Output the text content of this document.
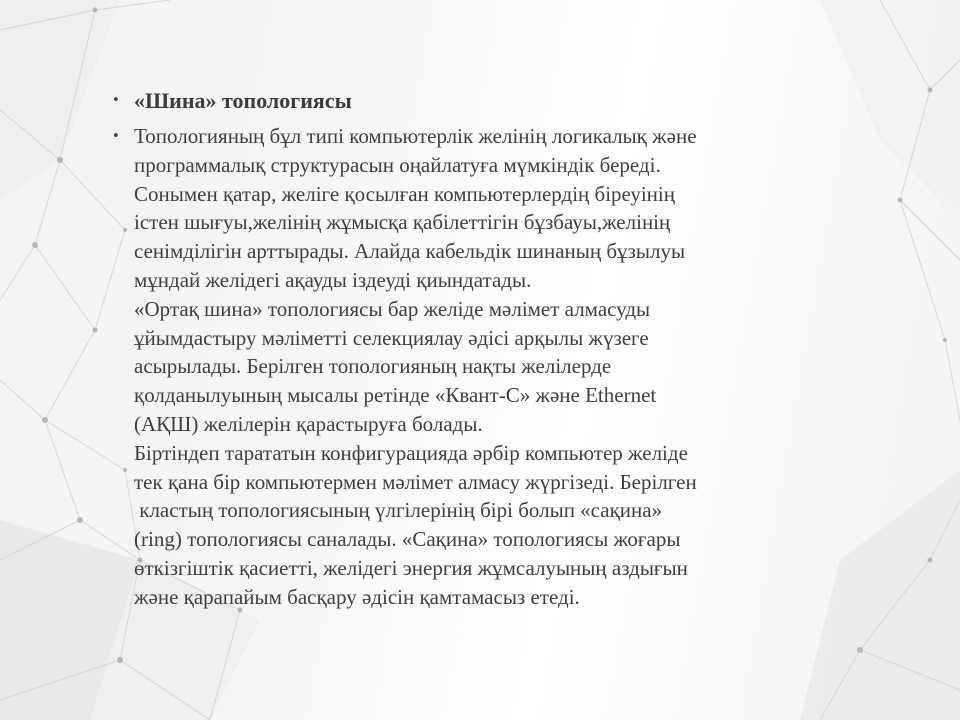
• «Шина» топологиясы
• Топологияның бұл типі компьютерлік желінің логикалық және
программалық структурасын оңайлатуға мүмкіндік береді.
Сонымен қатар, желіге қосылған компьютерлердің біреуінің
істен шығуы,желінің жұмысқа қабілеттігін бұзбауы,желінің
сенімділігін арттырады. Алайда кабельдік шинаның бұзылуы
мұндай желідегі ақауды іздеуді қиындатады.
«Ортақ шина» топологиясы бар желіде мәлімет алмасуды
ұйымдастыру мәліметті селекциялау әдісі арқылы жүзеге
асырылады. Берілген топологияның нақты желілерде
қолданылуының мысалы ретінде «Квант-С» және Ethernet
(АҚШ) желілерін қарастыруға болады.
Біртіндеп тарататын конфигурацияда әрбір компьютер желіде
тек қана бір компьютермен мәлімет алмасу жүргізеді. Берілген
кластың топологиясының үлгілерінің бірі болып «сақина»
(ring) топологиясы саналады. «Сақина» топологиясы жоғары
өткізгіштік қасиетті, желідегі энергия жұмсалуының аздығын
және қарапайым басқару әдісін қамтамасыз етеді.
